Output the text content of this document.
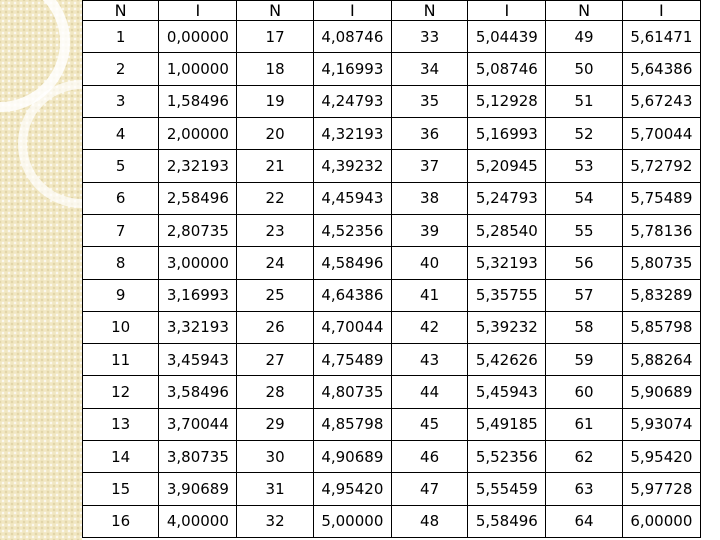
N	I	N	I	N	I	N	I
1	0,00000	17	4,08746	33	5,04439	49	5,61471
2	1,00000	18	4,16993	34	5,08746	50	5,64386
3	1,58496	19	4,24793	35	5,12928	51	5,67243
4	2,00000	20	4,32193	36	5,16993	52	5,70044
5	2,32193	21	4,39232	37	5,20945	53	5,72792
6	2,58496	22	4,45943	38	5,24793	54	5,75489
7	2,80735	23	4,52356	39	5,28540	55	5,78136
8	3,00000	24	4,58496	40	5,32193	56	5,80735
9	3,16993	25	4,64386	41	5,35755	57	5,83289
10	3,32193	26	4,70044	42	5,39232	58	5,85798
11	3,45943	27	4,75489	43	5,42626	59	5,88264
12	3,58496	28	4,80735	44	5,45943	60	5,90689
13	3,70044	29	4,85798	45	5,49185	61	5,93074
14	3,80735	30	4,90689	46	5,52356	62	5,95420
15	3,90689	31	4,95420	47	5,55459	63	5,97728
16	4,00000	32	5,00000	48	5,58496	64	6,00000
